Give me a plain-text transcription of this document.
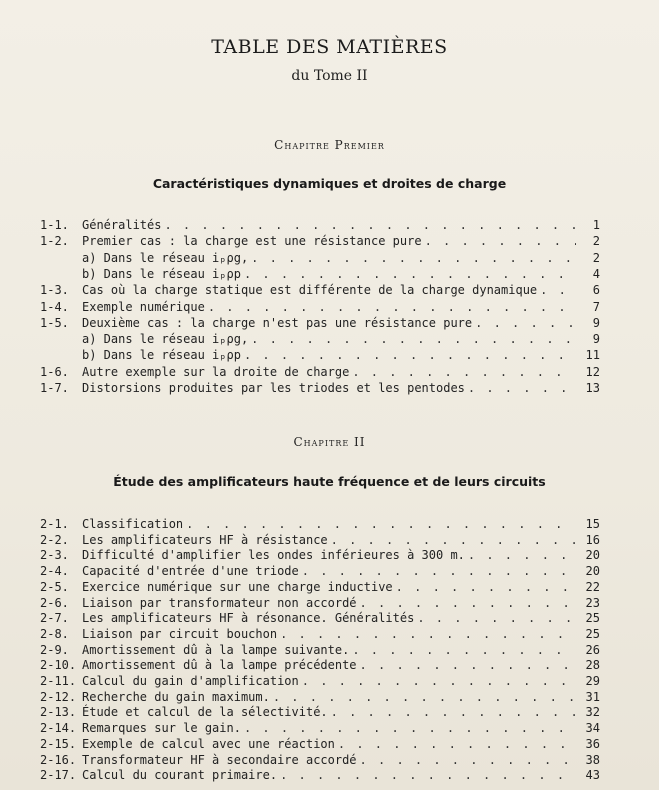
TABLE DES MATIÈRES
du Tome II
Chapitre Premier
Caractéristiques dynamiques et droites de charge
1-1.	Généralités . . .	1
1-2.	Premier cas : la charge est une résistance pure . . .	2
a) Dans le réseau iₚρg, . . .	2
b) Dans le réseau iₚρp . . .	4
1-3.	Cas où la charge statique est différente de la charge dynamique . . .	6
1-4.	Exemple numérique . . .	7
1-5.	Deuxième cas : la charge n'est pas une résistance pure . . .	9
a) Dans le réseau iₚρg, . . .	9
b) Dans le réseau iₚρp . . .	11
1-6.	Autre exemple sur la droite de charge . . .	12
1-7.	Distorsions produites par les triodes et les pentodes . . .	13
Chapitre II
Étude des amplificateurs haute fréquence et de leurs circuits
2-1.	Classification . . .	15
2-2.	Les amplificateurs HF à résistance . . .	16
2-3.	Difficulté d'amplifier les ondes inférieures à 300 m. . . .	20
2-4.	Capacité d'entrée d'une triode . . .	20
2-5.	Exercice numérique sur une charge inductive . . .	22
2-6.	Liaison par transformateur non accordé . . .	23
2-7.	Les amplificateurs HF à résonance. Généralités . . .	25
2-8.	Liaison par circuit bouchon . . .	25
2-9.	Amortissement dû à la lampe suivante. . . .	26
2-10. Amortissement dû à la lampe précédente . . .	28
2-11. Calcul du gain d'amplification . . .	29
2-12. Recherche du gain maximum. . . .	31
2-13. Étude et calcul de la sélectivité. . . .	32
2-14. Remarques sur le gain. . . .	34
2-15. Exemple de calcul avec une réaction . . .	36
2-16. Transformateur HF à secondaire accordé . . .	38
2-17. Calcul du courant primaire. . . .	43
